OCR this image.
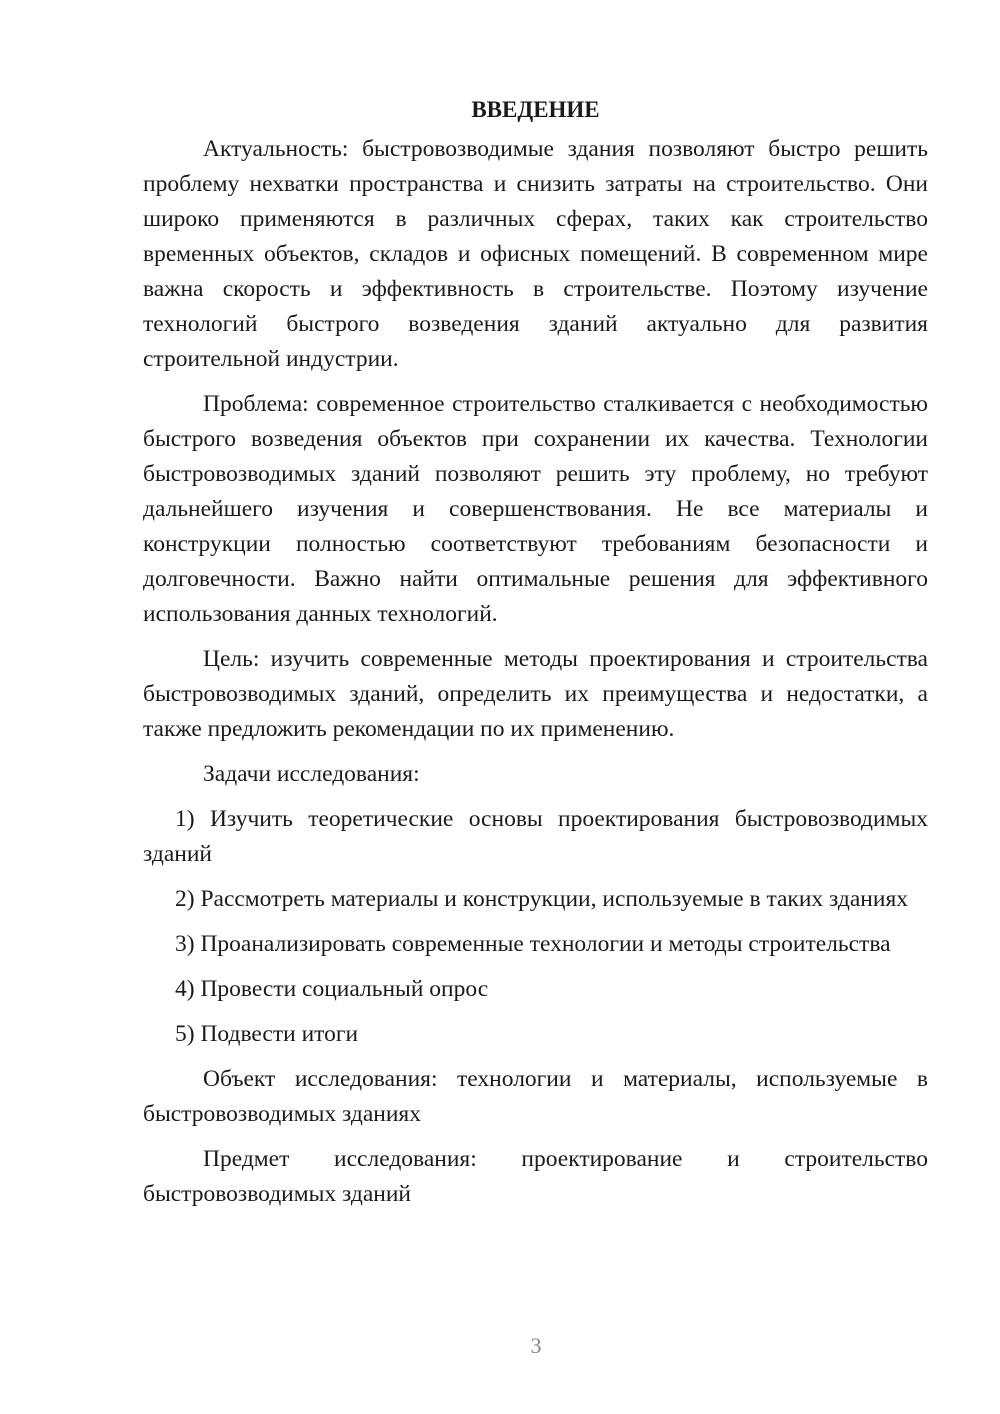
ВВЕДЕНИЕ

Актуальность: быстровозводимые здания позволяют быстро решить проблему нехватки пространства и снизить затраты на строительство. Они широко применяются в различных сферах, таких как строительство временных объектов, складов и офисных помещений. В современном мире важна скорость и эффективность в строительстве. Поэтому изучение технологий быстрого возведения зданий актуально для развития строительной индустрии.

Проблема: современное строительство сталкивается с необходимостью быстрого возведения объектов при сохранении их качества. Технологии быстровозводимых зданий позволяют решить эту проблему, но требуют дальнейшего изучения и совершенствования. Не все материалы и конструкции полностью соответствуют требованиям безопасности и долговечности. Важно найти оптимальные решения для эффективного использования данных технологий.

Цель: изучить современные методы проектирования и строительства быстровозводимых зданий, определить их преимущества и недостатки, а также предложить рекомендации по их применению.

Задачи исследования:

1) Изучить теоретические основы проектирования быстровозводимых зданий

2) Рассмотреть материалы и конструкции, используемые в таких зданиях

3) Проанализировать современные технологии и методы строительства

4) Провести социальный опрос

5) Подвести итоги

Объект исследования: технологии и материалы, используемые в быстровозводимых зданиях

Предмет исследования: проектирование и строительство быстровозводимых зданий

3
